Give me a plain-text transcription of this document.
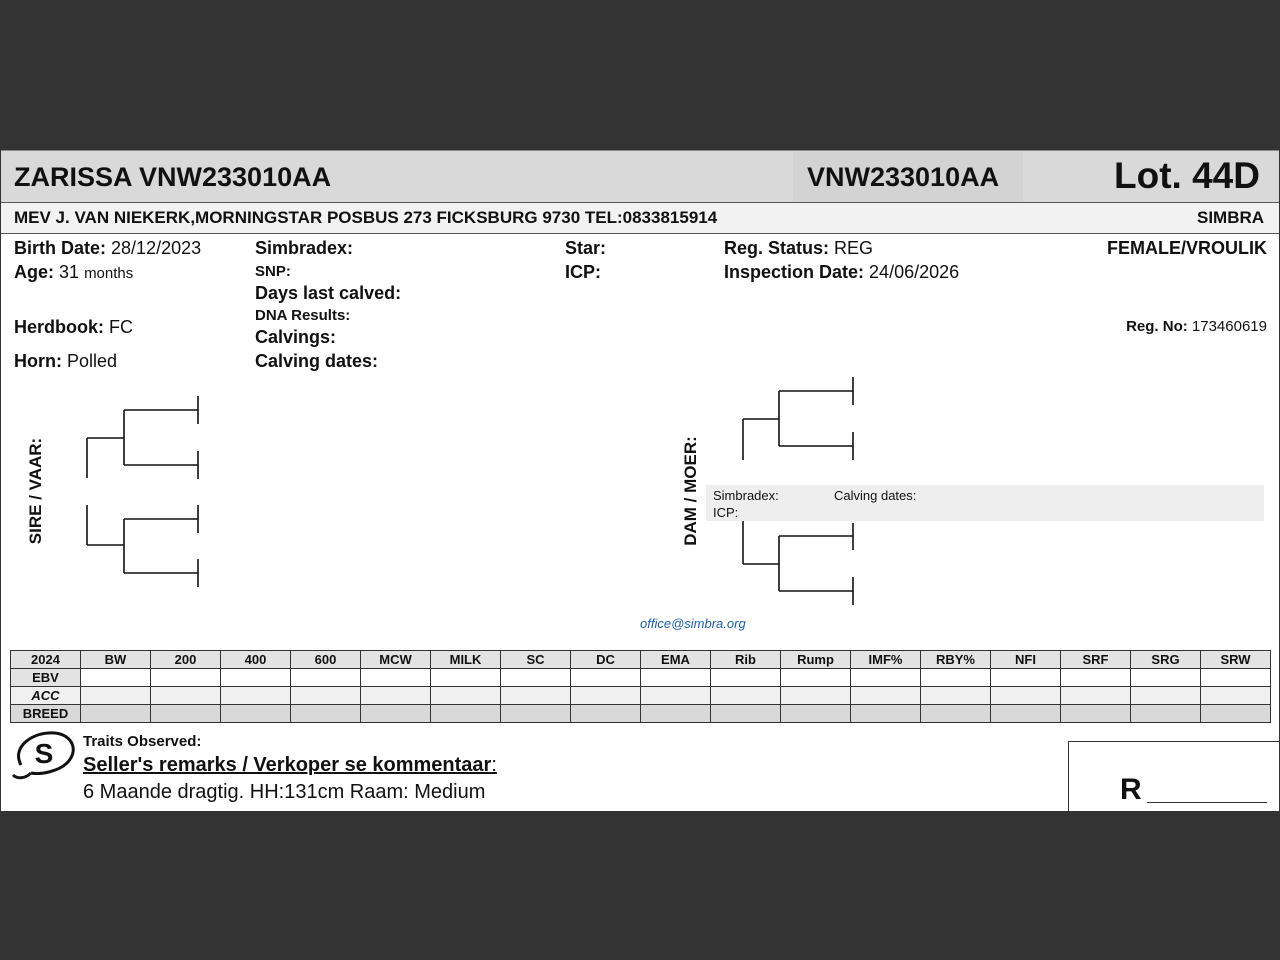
ZARISSA VNW233010AA	VNW233010AA	Lot. 44D
MEV J. VAN NIEKERK,MORNINGSTAR POSBUS 273 FICKSBURG 9730 TEL:0833815914	SIMBRA
Birth Date: 28/12/2023
Age: 31 months
Herdbook: FC
Horn: Polled
Simbradex:
SNP:
Days last calved:
DNA Results:
Calvings:
Calving dates:
Star:
ICP:
Reg. Status: REG
Inspection Date: 24/06/2026
FEMALE/VROULIK
Reg. No: 173460619
SIRE / VAAR:	DAM / MOER: Simbradex:
ICP:
Calving dates:
office@simbra.org
2024	BW	200	400	600	MCW	MILK	SC	DC	EMA	Rib	Rump	IMF%	RBY%	NFI	SRF	SRG	SRW
EBV																	
ACC																	
BREED																	
S Traits Observed:
Seller's remarks / Verkoper se kommentaar:
6 Maande dragtig. HH:131cm Raam: Medium	R
